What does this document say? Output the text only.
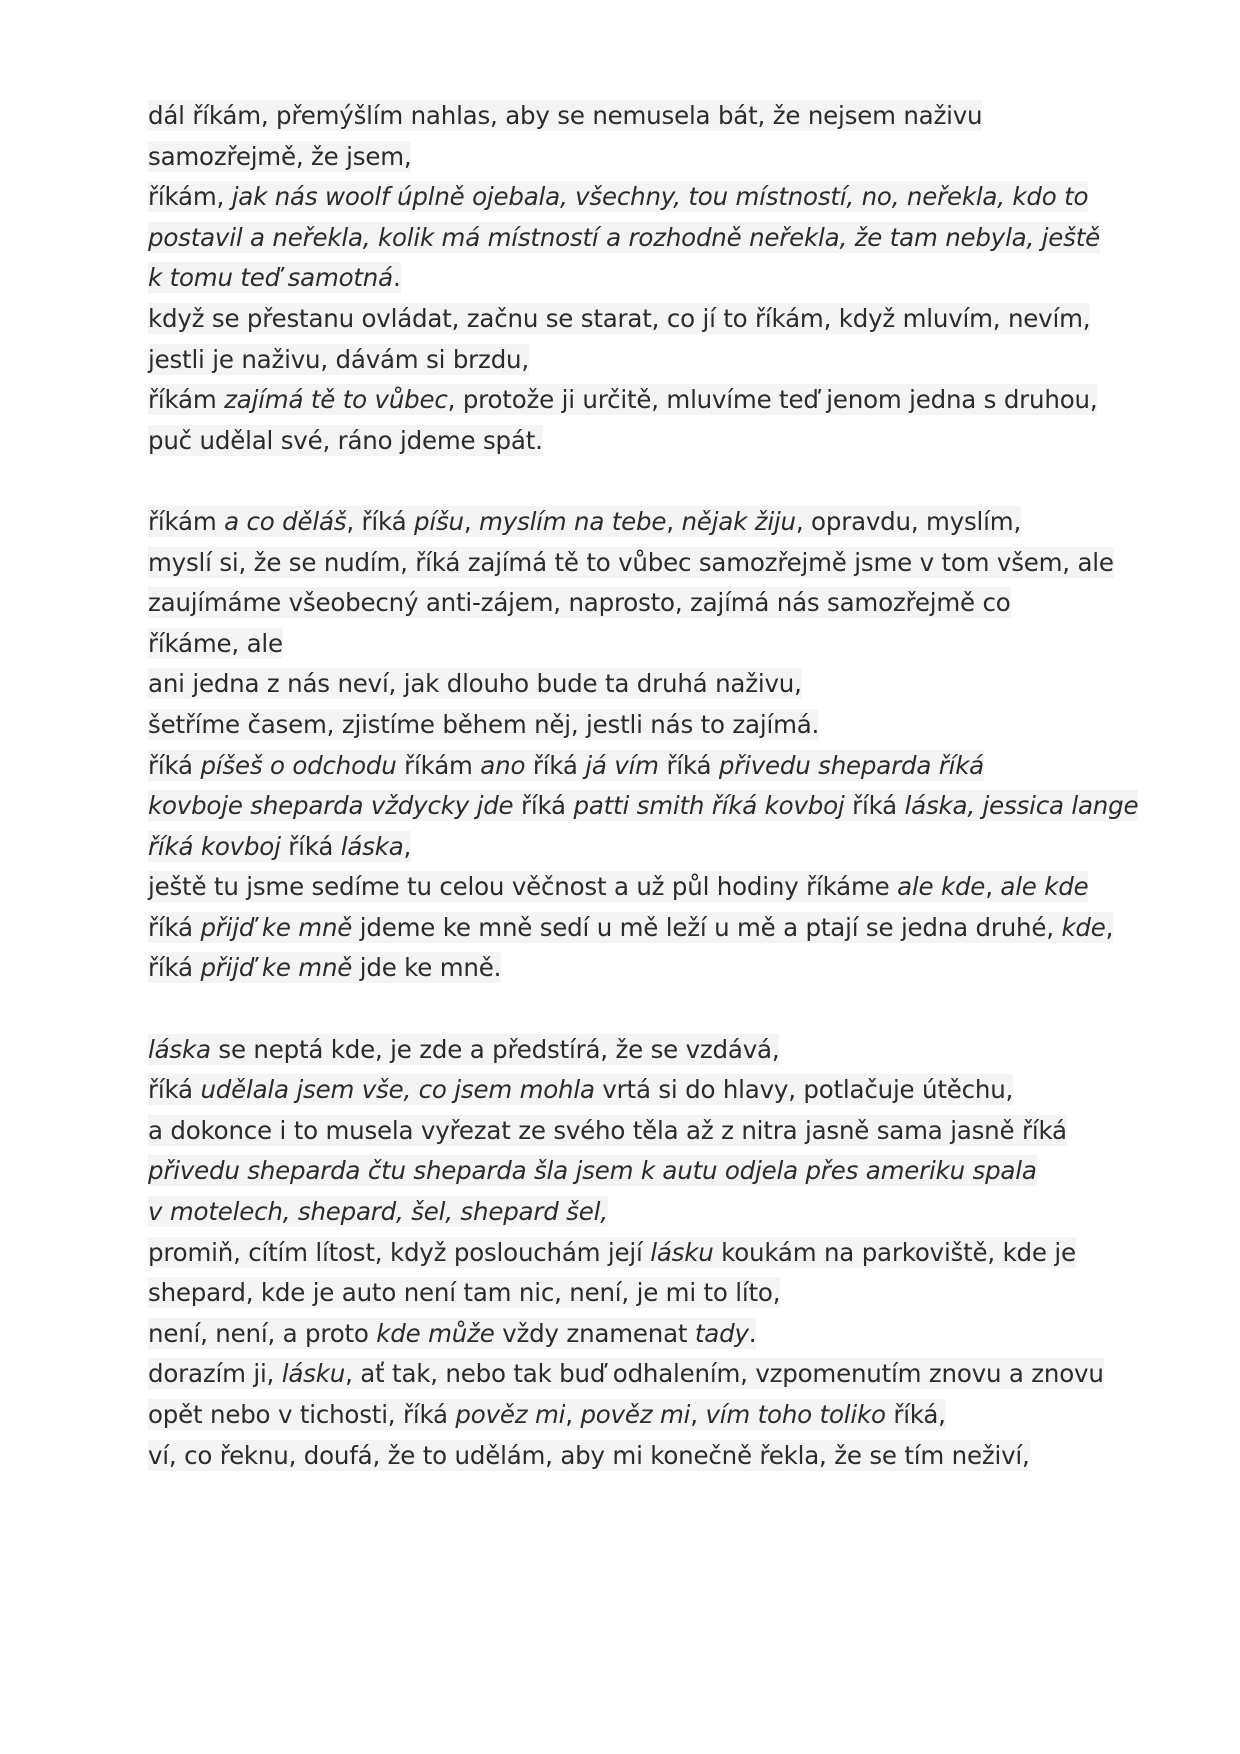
dál říkám, přemýšlím nahlas, aby se nemusela bát, že nejsem naživu
samozřejmě, že jsem,
říkám, jak nás woolf úplně ojebala, všechny, tou místností, no, neřekla, kdo to
postavil a neřekla, kolik má místností a rozhodně neřekla, že tam nebyla, ještě
k tomu teď samotná.
když se přestanu ovládat, začnu se starat, co jí to říkám, když mluvím, nevím,
jestli je naživu, dávám si brzdu,
říkám zajímá tě to vůbec, protože ji určitě, mluvíme teď jenom jedna s druhou,
puč udělal své, ráno jdeme spát.
říkám a co děláš, říká píšu, myslím na tebe, nějak žiju, opravdu, myslím,
myslí si, že se nudím, říká zajímá tě to vůbec samozřejmě jsme v tom všem, ale
zaujímáme všeobecný anti-zájem, naprosto, zajímá nás samozřejmě co
říkáme, ale
ani jedna z nás neví, jak dlouho bude ta druhá naživu,
šetříme časem, zjistíme během něj, jestli nás to zajímá.
říká píšeš o odchodu říkám ano říká já vím říká přivedu sheparda říká
kovboje sheparda vždycky jde říká patti smith říká kovboj říká láska, jessica lange
říká kovboj říká láska,
ještě tu jsme sedíme tu celou věčnost a už půl hodiny říkáme ale kde, ale kde
říká přijď ke mně jdeme ke mně sedí u mě leží u mě a ptají se jedna druhé, kde,
říká přijď ke mně jde ke mně.
láska se neptá kde, je zde a předstírá, že se vzdává,
říká udělala jsem vše, co jsem mohla vrtá si do hlavy, potlačuje útěchu,
a dokonce i to musela vyřezat ze svého těla až z nitra jasně sama jasně říká
přivedu sheparda čtu sheparda šla jsem k autu odjela přes ameriku spala
v motelech, shepard, šel, shepard šel,
promiň, cítím lítost, když poslouchám její lásku koukám na parkoviště, kde je
shepard, kde je auto není tam nic, není, je mi to líto,
není, není, a proto kde může vždy znamenat tady.
dorazím ji, lásku, ať tak, nebo tak buď odhalením, vzpomenutím znovu a znovu
opět nebo v tichosti, říká pověz mi, pověz mi, vím toho toliko říká,
ví, co řeknu, doufá, že to udělám, aby mi konečně řekla, že se tím neživí,
